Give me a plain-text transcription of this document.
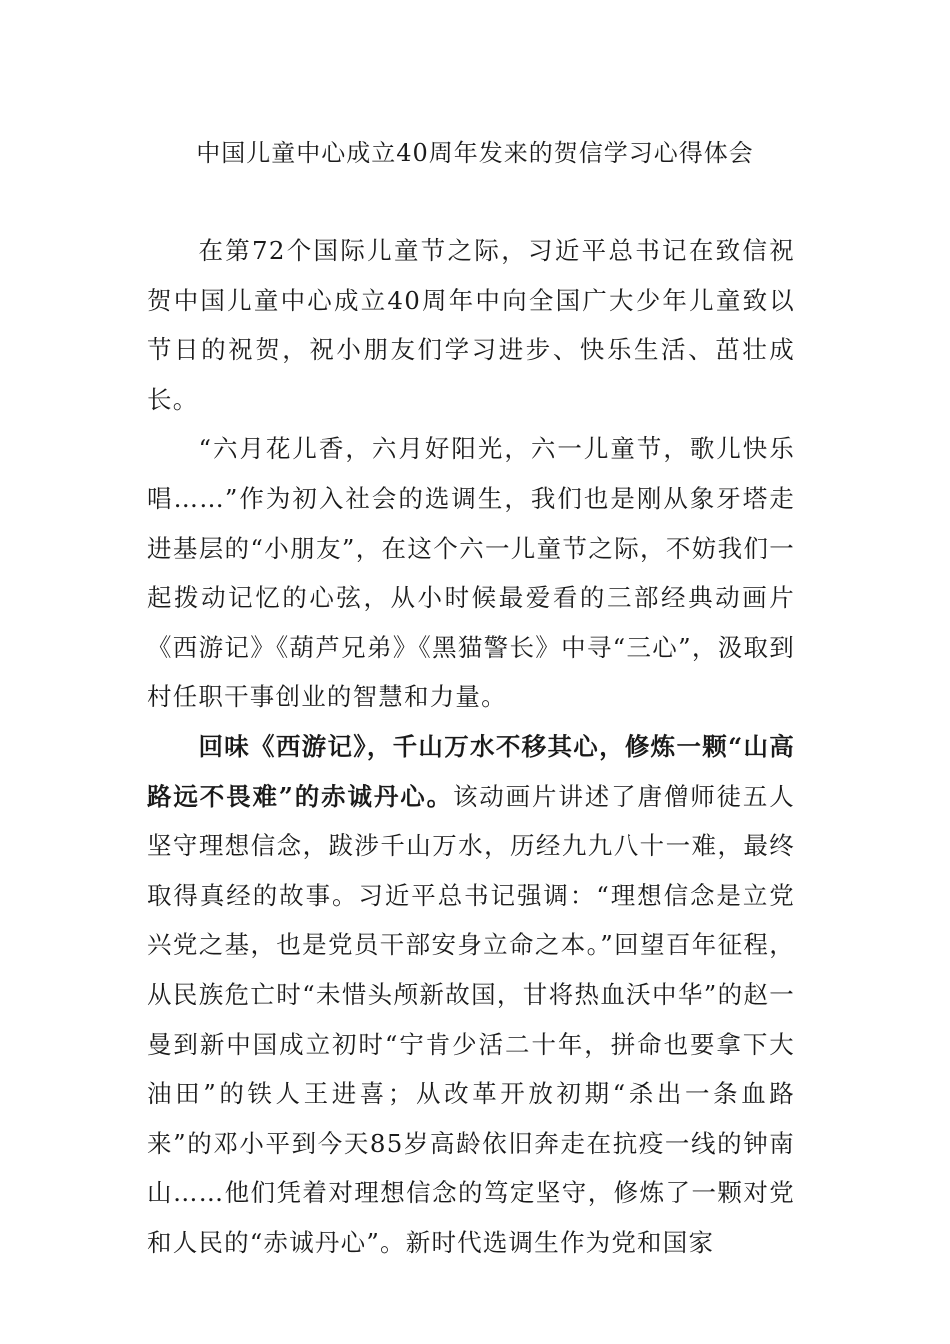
中国儿童中心成立40周年发来的贺信学习心得体会

在第72个国际儿童节之际，习近平总书记在致信祝贺中国儿童中心成立40周年中向全国广大少年儿童致以节日的祝贺，祝小朋友们学习进步、快乐生活、茁壮成长。

“六月花儿香，六月好阳光，六一儿童节，歌儿快乐唱……”作为初入社会的选调生，我们也是刚从象牙塔走进基层的“小朋友”，在这个六一儿童节之际，不妨我们一起拨动记忆的心弦，从小时候最爱看的三部经典动画片《西游记》《葫芦兄弟》《黑猫警长》中寻“三心”，汲取到村任职干事创业的智慧和力量。

回味《西游记》，千山万水不移其心，修炼一颗“山高路远不畏难”的赤诚丹心。该动画片讲述了唐僧师徒五人坚守理想信念，跋涉千山万水，历经九九八十一难，最终取得真经的故事。习近平总书记强调：“理想信念是立党兴党之基，也是党员干部安身立命之本。”回望百年征程，从民族危亡时“未惜头颅新故国，甘将热血沃中华”的赵一曼到新中国成立初时“宁肯少活二十年，拼命也要拿下大油田”的铁人王进喜；从改革开放初期“杀出一条血路来”的邓小平到今天85岁高龄依旧奔走在抗疫一线的钟南山……他们凭着对理想信念的笃定坚守，修炼了一颗对党和人民的“赤诚丹心”。新时代选调生作为党和国家
